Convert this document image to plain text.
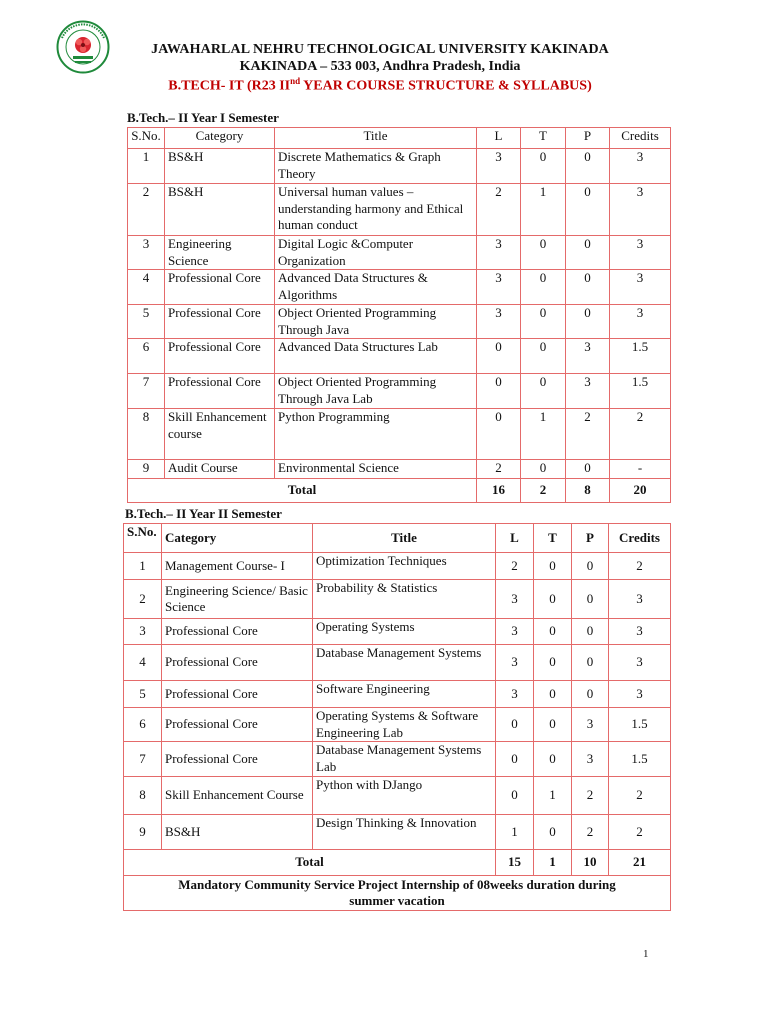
JAWAHARLAL NEHRU TECHNOLOGICAL UNIVERSITY KAKINADA
KAKINADA – 533 003, Andhra Pradesh, India
B.TECH- IT (R23 IInd YEAR COURSE STRUCTURE & SYLLABUS)
B.Tech.– II Year I Semester
S.No.	Category	Title	L	T	P	Credits
1	BS&H	Discrete Mathematics & Graph Theory	3	0	0	3
2	BS&H	Universal human values – understanding harmony and Ethical human conduct	2	1	0	3
3	Engineering Science	Digital Logic &Computer Organization	3	0	0	3
4	Professional Core	Advanced Data Structures & Algorithms	3	0	0	3
5	Professional Core	Object Oriented Programming Through Java	3	0	0	3
6	Professional Core	Advanced Data Structures Lab	0	0	3	1.5
7	Professional Core	Object Oriented Programming Through Java Lab	0	0	3	1.5
8	Skill Enhancement course	Python Programming	0	1	2	2
9	Audit Course	Environmental Science	2	0	0	-
Total			16	2	8	20
B.Tech.– II Year II Semester
S.No.	Category	Title	L	T	P	Credits
1	Management Course- I	Optimization Techniques	2	0	0	2
2	Engineering Science/ Basic Science	Probability & Statistics	3	0	0	3
3	Professional Core	Operating Systems	3	0	0	3
4	Professional Core	Database Management Systems	3	0	0	3
5	Professional Core	Software Engineering	3	0	0	3
6	Professional Core	Operating Systems & Software Engineering Lab	0	0	3	1.5
7	Professional Core	Database Management Systems Lab	0	0	3	1.5
8	Skill Enhancement Course	Python with DJango	0	1	2	2
9	BS&H	Design Thinking & Innovation	1	0	2	2
Total			15	1	10	21
Mandatory Community Service Project Internship of 08weeks duration during summer vacation						
1
